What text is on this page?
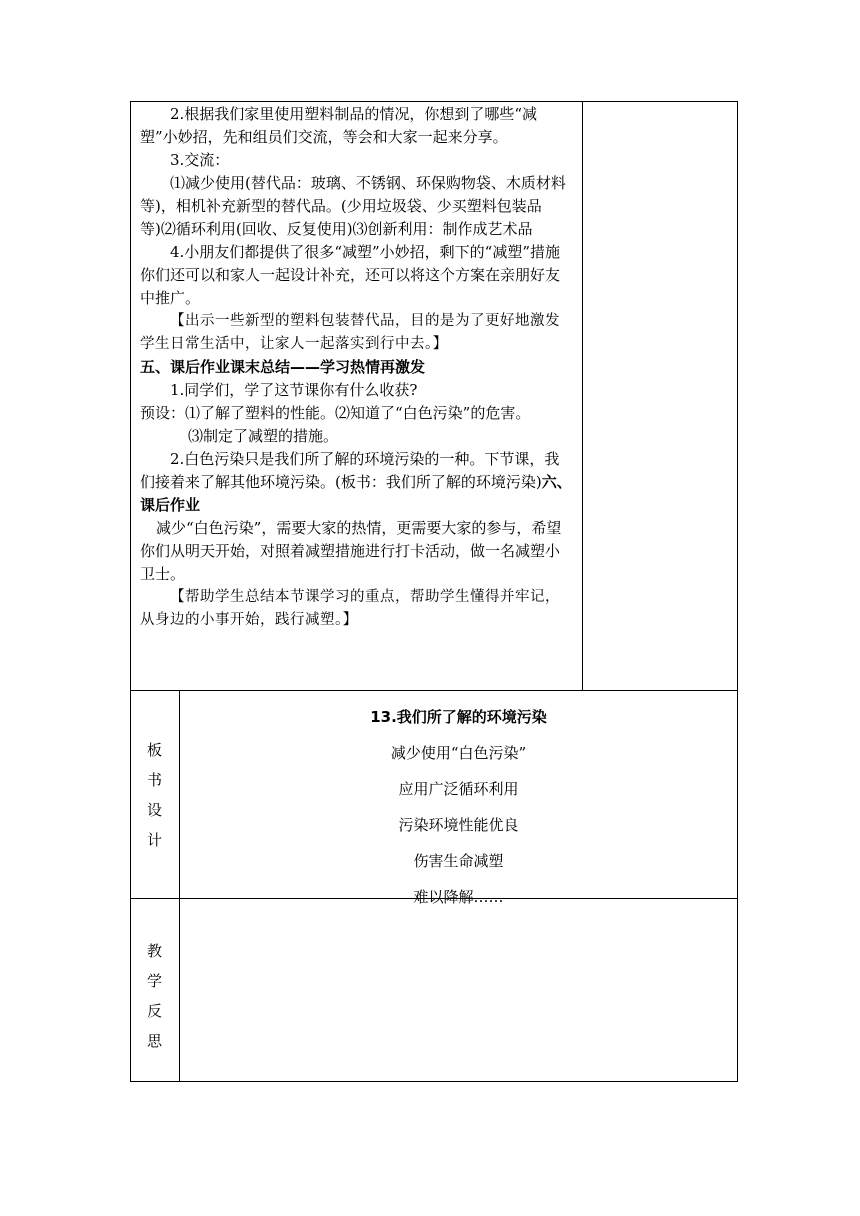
2.根据我们家里使用塑料制品的情况，你想到了哪些“减塑”小妙招，先和组员们交流，等会和大家一起来分享。

3.交流：

⑴减少使用(替代品：玻璃、不锈钢、环保购物袋、木质材料等)，相机补充新型的替代品。(少用垃圾袋、少买塑料包装品等)⑵循环利用(回收、反复使用)⑶创新利用：制作成艺术品

4.小朋友们都提供了很多“减塑”小妙招，剩下的“减塑”措施你们还可以和家人一起设计补充，还可以将这个方案在亲朋好友中推广。

【出示一些新型的塑料包装替代品，目的是为了更好地激发学生日常生活中，让家人一起落实到行中去。】

五、课后作业课末总结——学习热情再激发

1.同学们，学了这节课你有什么收获?

预设：⑴了解了塑料的性能。⑵知道了“白色污染”的危害。

⑶制定了减塑的措施。

2.白色污染只是我们所了解的环境污染的一种。下节课，我们接着来了解其他环境污染。(板书：我们所了解的环境污染)六、课后作业

减少“白色污染”，需要大家的热情，更需要大家的参与，希望你们从明天开始，对照着减塑措施进行打卡活动，做一名减塑小卫士。

【帮助学生总结本节课学习的重点，帮助学生懂得并牢记，从身边的小事开始，践行减塑。】

板
书
设
计
13.我们所了解的环境污染
减少使用“白色污染”
应用广泛循环利用
污染环境性能优良
伤害生命减塑
难以降解……
教
学
反
思
